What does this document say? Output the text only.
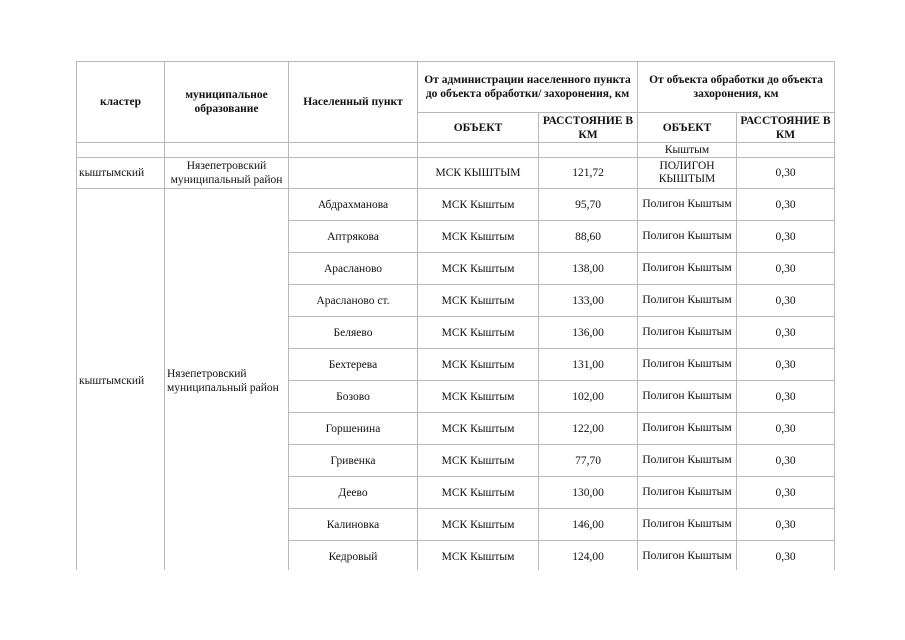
кластер	муниципальное образование	Населенный пункт	От администрации населенного пункта до объекта обработки/ захоронения, км		От объекта обработки до объекта захоронения, км	
			ОБЪЕКТ	РАССТОЯНИЕ В КМ	ОБЪЕКТ	РАССТОЯНИЕ В КМ
					Кыштым	
кыштымский	Нязепетровский муниципальный район		МСК КЫШТЫМ	121,72	ПОЛИГОН КЫШТЫМ	0,30
кыштымский	Нязепетровский муниципальный район	Абдрахманова	МСК Кыштым	95,70	Полигон Кыштым	0,30
		Аптрякова	МСК Кыштым	88,60	Полигон Кыштым	0,30
		Арасланово	МСК Кыштым	138,00	Полигон Кыштым	0,30
		Арасланово ст.	МСК Кыштым	133,00	Полигон Кыштым	0,30
		Беляево	МСК Кыштым	136,00	Полигон Кыштым	0,30
		Бехтерева	МСК Кыштым	131,00	Полигон Кыштым	0,30
		Бозово	МСК Кыштым	102,00	Полигон Кыштым	0,30
		Горшенина	МСК Кыштым	122,00	Полигон Кыштым	0,30
		Гривенка	МСК Кыштым	77,70	Полигон Кыштым	0,30
		Деево	МСК Кыштым	130,00	Полигон Кыштым	0,30
		Калиновка	МСК Кыштым	146,00	Полигон Кыштым	0,30
		Кедровый	МСК Кыштым	124,00	Полигон Кыштым	0,30
